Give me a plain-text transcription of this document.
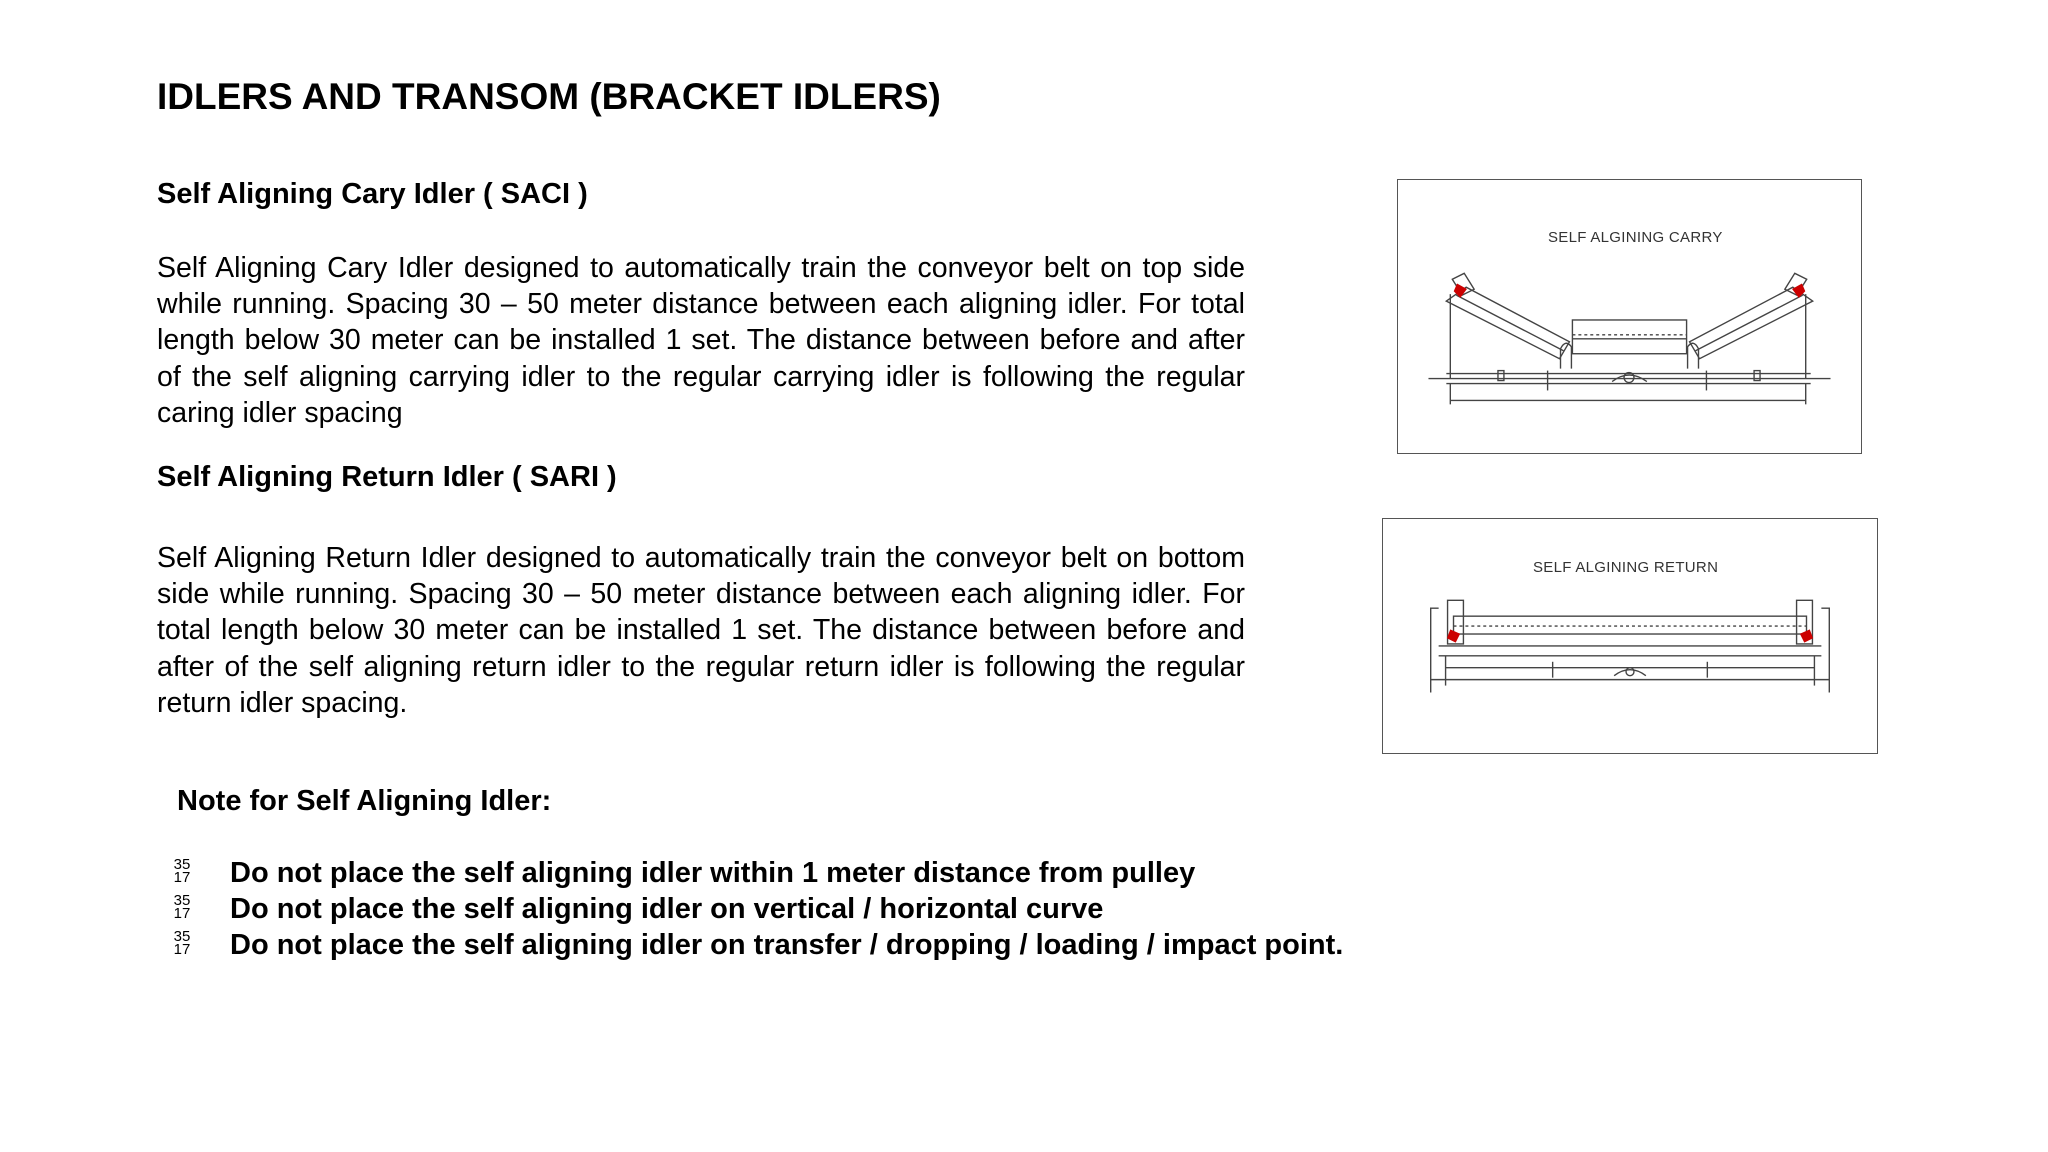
IDLERS AND TRANSOM (BRACKET IDLERS)
Self Aligning Cary Idler ( SACI )

Self Aligning Cary Idler designed to automatically train the conveyor belt on top side while running. Spacing 30 – 50 meter distance between each aligning idler. For total length below 30 meter can be installed 1 set. The distance between before and after of the self aligning carrying idler to the regular carrying idler is following the regular caring idler spacing

Self Aligning Return Idler ( SARI )

Self Aligning Return Idler designed to automatically train the conveyor belt on bottom side while running. Spacing 30 – 50 meter distance between each aligning idler. For total length below 30 meter can be installed 1 set. The distance between before and after of the self aligning return idler to the regular return idler is following the regular return idler spacing.

SELF ALGINING CARRY
SELF ALGINING RETURN
Note for Self Aligning Idler:
35
17 Do not place the self aligning idler within 1 meter distance from pulley
35
17 Do not place the self aligning idler on vertical / horizontal curve
35
17 Do not place the self aligning idler on transfer / dropping / loading / impact point.
